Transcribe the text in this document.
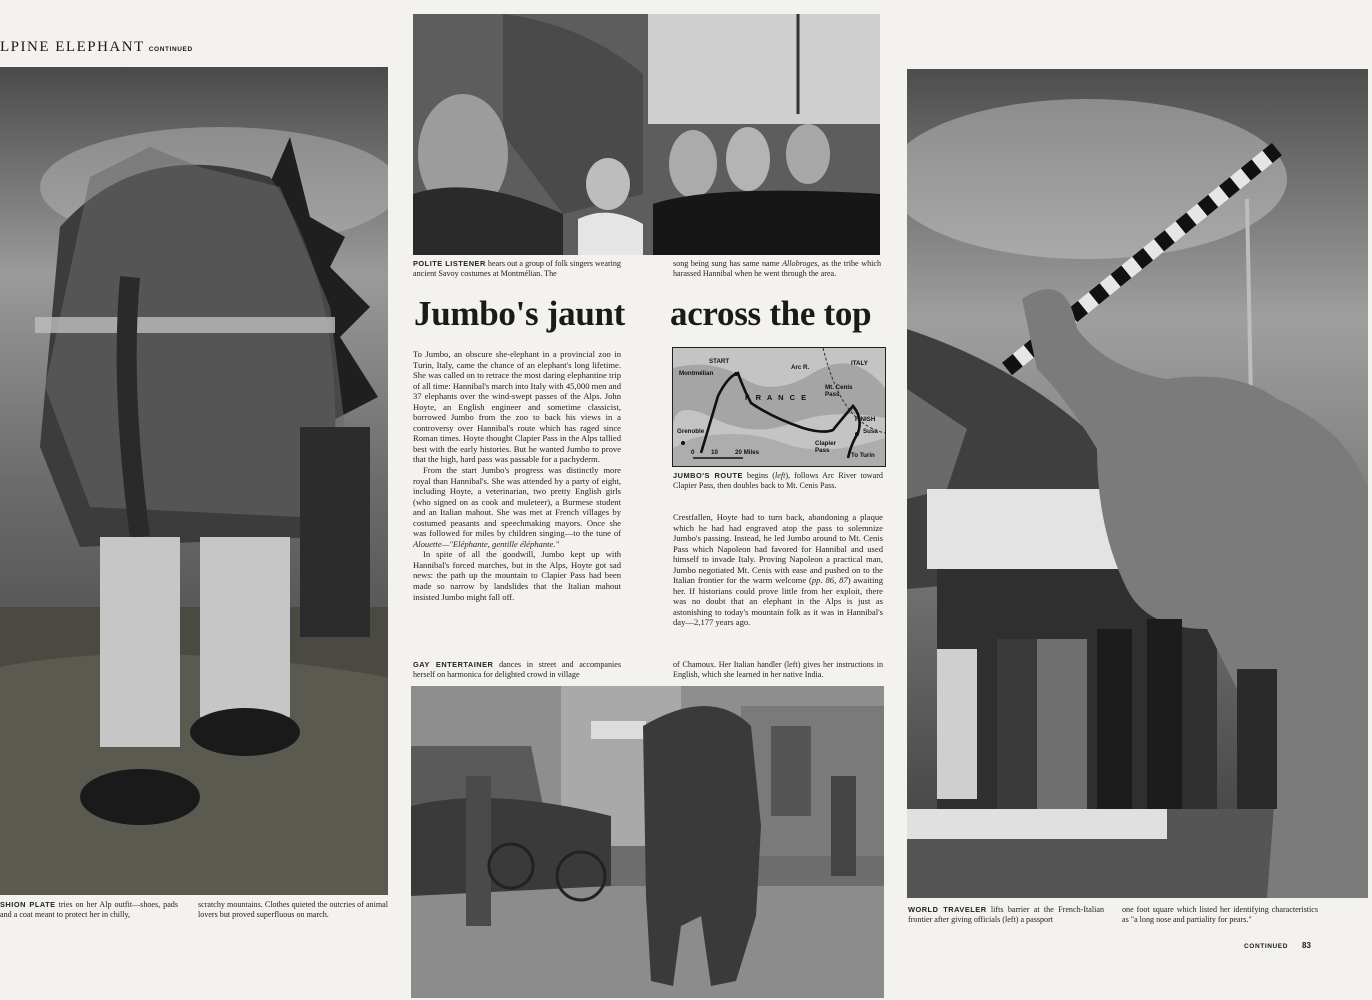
LPINE ELEPHANT CONTINUED
SHION PLATE tries on her Alp outfit—shoes, pads and a coat meant to protect her in chilly,
scratchy mountains. Clothes quieted the outcries of animal lovers but proved superfluous on march.
POLITE LISTENER hears out a group of folk singers wearing ancient Savoy costumes at Montmélian. The
song being sung has same name Allobroges, as the tribe which harassed Hannibal when he went through the area.
Jumbo's jaunt across the top

To Jumbo, an obscure she-elephant in a provincial zoo in Turin, Italy, came the chance of an elephant's long lifetime. She was called on to retrace the most daring elephantine trip of all time: Hannibal's march into Italy with 45,000 men and 37 elephants over the wind-swept passes of the Alps. John Hoyte, an English engineer and sometime classicist, borrowed Jumbo from the zoo to back his views in a controversy over Hannibal's route which has raged since Roman times. Hoyte thought Clapier Pass in the Alps tallied best with the early histories. But he wanted Jumbo to prove that the high, hard pass was passable for a pachyderm.

From the start Jumbo's progress was distinctly more royal than Hannibal's. She was attended by a party of eight, including Hoyte, a veterinarian, two pretty English girls (who signed on as cook and muleteer), a Burmese student and an Italian mahout. She was met at French villages by costumed peasants and speechmaking mayors. Once she was followed for miles by children singing—to the tune of Alouette—"Eléphante, gentille éléphante."

In spite of all the goodwill, Jumbo kept up with Hannibal's forced marches, but in the Alps, Hoyte got sad news: the path up the mountain to Clapier Pass had been made so narrow by landslides that the Italian mahout insisted Jumbo might fall off.

START
Montmélian
Arc R.
ITALY
F R A N C E
Mt. Cenis Pass
FINISH
Susa
Grenoble
Clapier Pass
To Turin
0	10	20 Miles
JUMBO'S ROUTE begins (left), follows Arc River toward Clapier Pass, then doubles back to Mt. Cenis Pass.

Crestfallen, Hoyte had to turn back, abandoning a plaque which he had had engraved atop the pass to solemnize Jumbo's passing. Instead, he led Jumbo around to Mt. Cenis Pass which Napoleon had favored for Hannibal and used himself to invade Italy. Proving Napoleon a practical man, Jumbo negotiated Mt. Cenis with ease and pushed on to the Italian frontier for the warm welcome (pp. 86, 87) awaiting her. If historians could prove little from her exploit, there was no doubt that an elephant in the Alps is just as astonishing to today's mountain folk as it was in Hannibal's day—2,177 years ago.

GAY ENTERTAINER dances in street and accompanies herself on harmonica for delighted crowd in village
of Chamoux. Her Italian handler (left) gives her instructions in English, which she learned in her native India.
WORLD TRAVELER lifts barrier at the French-Italian frontier after giving officials (left) a passport
one foot square which listed her identifying characteristics as "a long nose and partiality for pears."
CONTINUED 83
